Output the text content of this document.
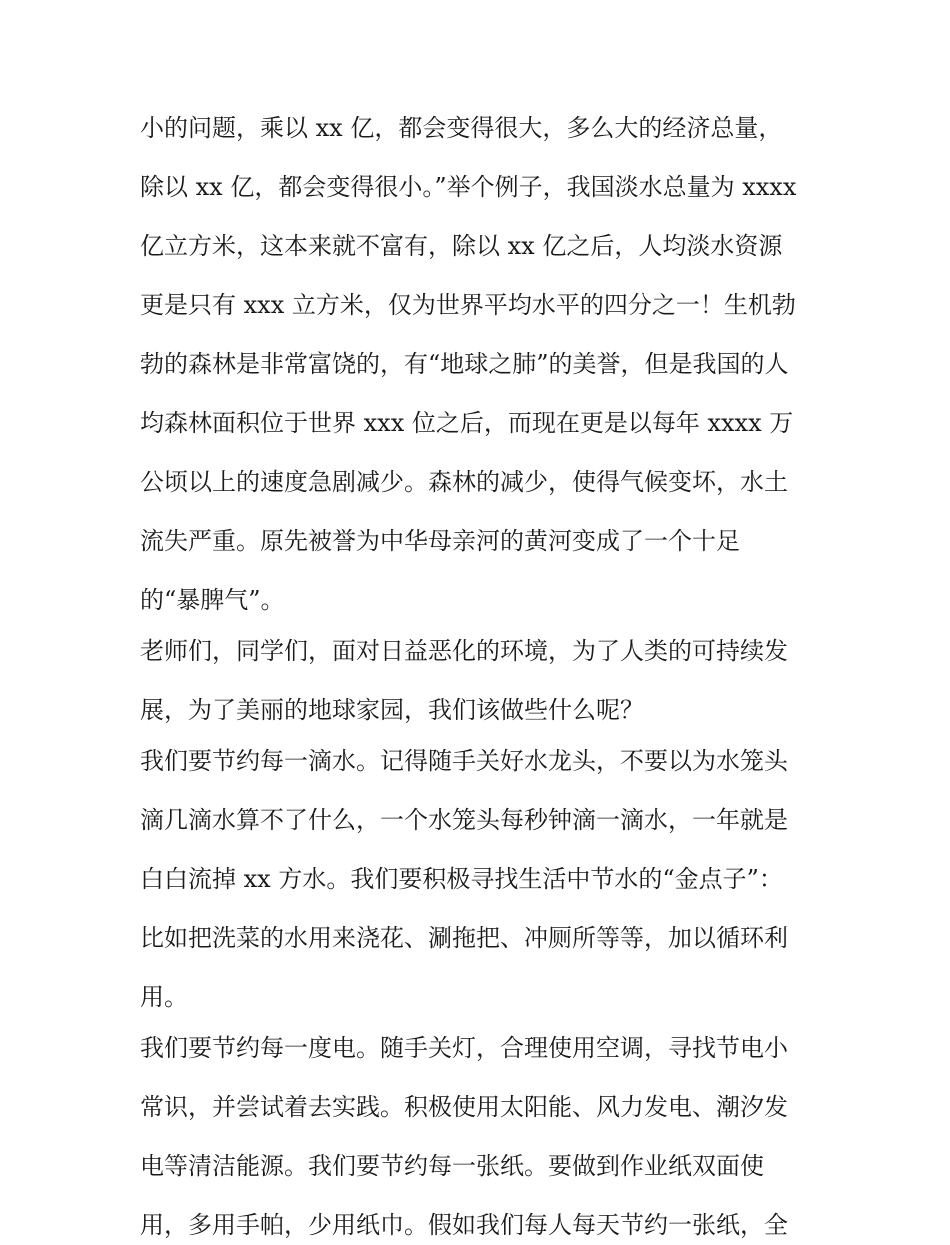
小的问题，乘以 xx 亿，都会变得很大，多么大的经济总量，

除以 xx 亿，都会变得很小。”举个例子，我国淡水总量为 xxxx

亿立方米，这本来就不富有，除以 xx 亿之后，人均淡水资源

更是只有 xxx 立方米，仅为世界平均水平的四分之一！生机勃

勃的森林是非常富饶的，有“地球之肺”的美誉，但是我国的人

均森林面积位于世界 xxx 位之后，而现在更是以每年 xxxx 万

公顷以上的速度急剧减少。森林的减少，使得气候变坏，水土

流失严重。原先被誉为中华母亲河的黄河变成了一个十足

的“暴脾气”。

老师们，同学们，面对日益恶化的环境，为了人类的可持续发

展，为了美丽的地球家园，我们该做些什么呢？

我们要节约每一滴水。记得随手关好水龙头，不要以为水笼头

滴几滴水算不了什么，一个水笼头每秒钟滴一滴水，一年就是

白白流掉 xx 方水。我们要积极寻找生活中节水的“金点子”：

比如把洗菜的水用来浇花、涮拖把、冲厕所等等，加以循环利

用。

我们要节约每一度电。随手关灯，合理使用空调，寻找节电小

常识，并尝试着去实践。积极使用太阳能、风力发电、潮汐发

电等清洁能源。我们要节约每一张纸。要做到作业纸双面使

用，多用手帕，少用纸巾。假如我们每人每天节约一张纸，全
